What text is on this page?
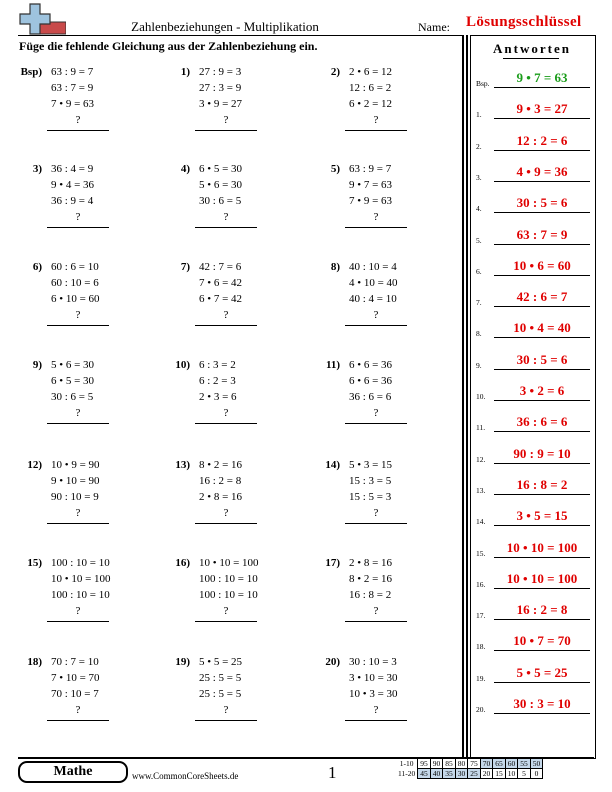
Zahlenbeziehungen - Multiplikation	Name: Lösungsschlüssel
Füge die fehlende Gleichung aus der Zahlenbeziehung ein.	Antworten
Bsp) 63 : 9 = 7
63 : 7 = 9
7 • 9 = 63
?
1) 27 : 9 = 3
27 : 3 = 9
3 • 9 = 27
?
2) 2 • 6 = 12
12 : 6 = 2
6 • 2 = 12
?
3) 36 : 4 = 9
9 • 4 = 36
36 : 9 = 4
?
4) 6 • 5 = 30
5 • 6 = 30
30 : 6 = 5
?
5) 63 : 9 = 7
9 • 7 = 63
7 • 9 = 63
?
6) 60 : 6 = 10
60 : 10 = 6
6 • 10 = 60
?
7) 42 : 7 = 6
7 • 6 = 42
6 • 7 = 42
?
8) 40 : 10 = 4
4 • 10 = 40
40 : 4 = 10
?
9) 5 • 6 = 30
6 • 5 = 30
30 : 6 = 5
?
10) 6 : 3 = 2
6 : 2 = 3
2 • 3 = 6
?
11) 6 • 6 = 36
6 • 6 = 36
36 : 6 = 6
?
12) 10 • 9 = 90
9 • 10 = 90
90 : 10 = 9
?
13) 8 • 2 = 16
16 : 2 = 8
2 • 8 = 16
?
14) 5 • 3 = 15
15 : 3 = 5
15 : 5 = 3
?
15) 100 : 10 = 10
10 • 10 = 100
100 : 10 = 10
?
16) 10 • 10 = 100
100 : 10 = 10
100 : 10 = 10
?
17) 2 • 8 = 16
8 • 2 = 16
16 : 8 = 2
?
18) 70 : 7 = 10
7 • 10 = 70
70 : 10 = 7
?
19) 5 • 5 = 25
25 : 5 = 5
25 : 5 = 5
?
20) 30 : 10 = 3
3 • 10 = 30
10 • 3 = 30
?
Bsp.	9 • 7 = 63
1.	9 • 3 = 27
2.	12 : 2 = 6
3.	4 • 9 = 36
4.	30 : 5 = 6
5.	63 : 7 = 9
6.	10 • 6 = 60
7.	42 : 6 = 7
8.	10 • 4 = 40
9.	30 : 5 = 6
10.	3 • 2 = 6
11.	36 : 6 = 6
12.	90 : 9 = 10
13.	16 : 8 = 2
14.	3 • 5 = 15
15.	10 • 10 = 100
16.	10 • 10 = 100
17.	16 : 2 = 8
18.	10 • 7 = 70
19.	5 • 5 = 25
20.	30 : 3 = 10
Mathe	www.CommonCoreSheets.de	1	1-10	95	90	85	80	75	70	65	60	55	50
11-20	45	40	35	30	25	20	15	10	5	0
